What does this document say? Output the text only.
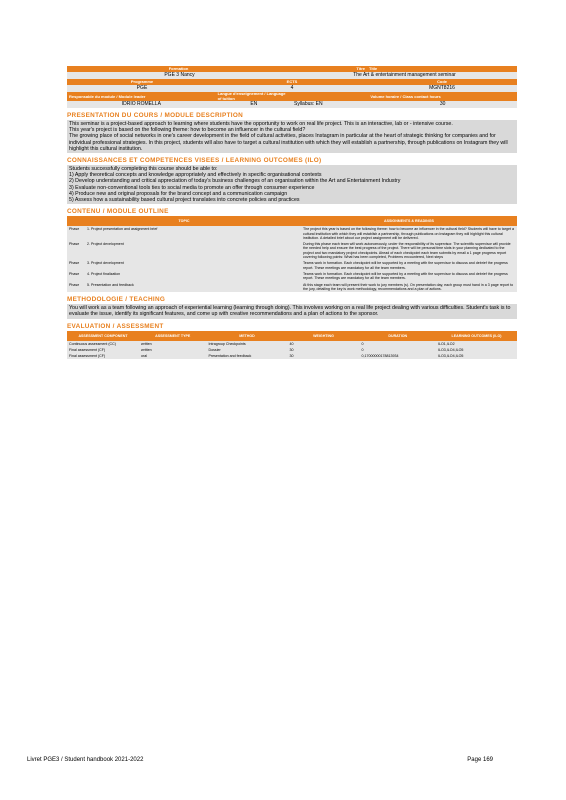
Formation	Titre	Title
PGE 3 Nancy	The Art & entertainment management seminar
Programme	ECTS	Code
PGE	4	MGNT8216
Responsable du module / Module leader
Langue d'enseignement / Language of tuition	Volume horaire / Class contact hours
IDRIO ROMELLA	EN	Syllabus: EN	30
PRESENTATION DU COURS / MODULE DESCRIPTION

This seminar is a project-based approach to learning where students have the opportunity to work on real life project. This is an interactive, lab or - intensive course.

This year's project is based on the following theme: how to become an influencer in the cultural field?

The growing place of social networks in one's career development in the field of cultural activities, places Instagram in particular at the heart of strategic thinking for companies and for individual professional strategies. In this project, students will also have to target a cultural institution with which they will establish a partnership, through publications on Instagram they will highlight this cultural institution.

CONNAISSANCES ET COMPETENCES VISEES / LEARNING OUTCOMES (ILO)

Students successfully completing this course should be able to:

1) Apply theoretical concepts and knowledge appropriately and effectively in specific organisational contexts

2) Develop understanding and critical appreciation of today's business challenges of an organisation within the Art and Entertainment Industry

3) Evaluate non-conventional tools ties to social media to promote an offer through consumer experience

4) Produce new and original proposals for the brand concept and a communication campaign

5) Assess how a sustainability based cultural project translates into concrete policies and practices

CONTENU / MODULE OUTLINE
TOPIC		ASSIGNMENTS & READINGS
Phase	1. Project presentation and assignment brief	The project this year is based on the following theme: how to become an influencer in the cultural field? Students will have to target a cultural institution with which they will establish a partnership, through publications on Instagram they will highlight this cultural institution. A detailed brief about our project assignment will be delivered.
Phase	2. Project development	During this phase each team will work autonomously, under the responsibility of its supervisor. The scientific supervisor will provide the needed help and ensure the best progress of the project. There will be personal time slots in your planning dedicated to the project and two mandatory project checkpoints. Ahead of each checkpoint each team submits by email a 1 page progress report covering following points: What has been completed, Problems encountered, Next steps
Phase	3. Project development	Teams work in formation. Each checkpoint will be supported by a meeting with the supervisor to discuss and debrief the progress report. These meetings are mandatory for all the team members.
Phase	4. Project finalization	Teams work in formation. Each checkpoint will be supported by a meeting with the supervisor to discuss and debrief the progress report. These meetings are mandatory for all the team members.
Phase	5. Presentation and feedback	At this stage each team will present their work to jury members (s). On presentation day, each group must hand in a 3 page report to the jury, detailing the key is work methodology, recommendations and a plan of actions.
METHODOLOGIE / TEACHING

You will work as a team following an approach of experiential learning (learning through doing). This involves working on a real life project dealing with various difficulties. Student's task is to evaluate the issue, identify its significant features, and come up with creative recommendations and a plan of actions to the sponsor.

EVALUATION / ASSESSMENT
ASSESSMENT COMPONENT	ASSESSMENT TYPE	METHOD	WEIGHTING	DURATION	LEARNING OUTCOMES (ILO)
Continuous assessment (CC)	written	Intragroup Checkpoints	40	0	ILO1,ILO2
Final assessment (CF)	written	Dossier	30	0	ILO3,ILO4,ILO5
Final assessment (CF)	oral	Presentation and feedback	30	0,17000000178813934	ILO3,ILO4,ILO5
Livret PGE3 / Student handbook 2021-2022	Page 169
